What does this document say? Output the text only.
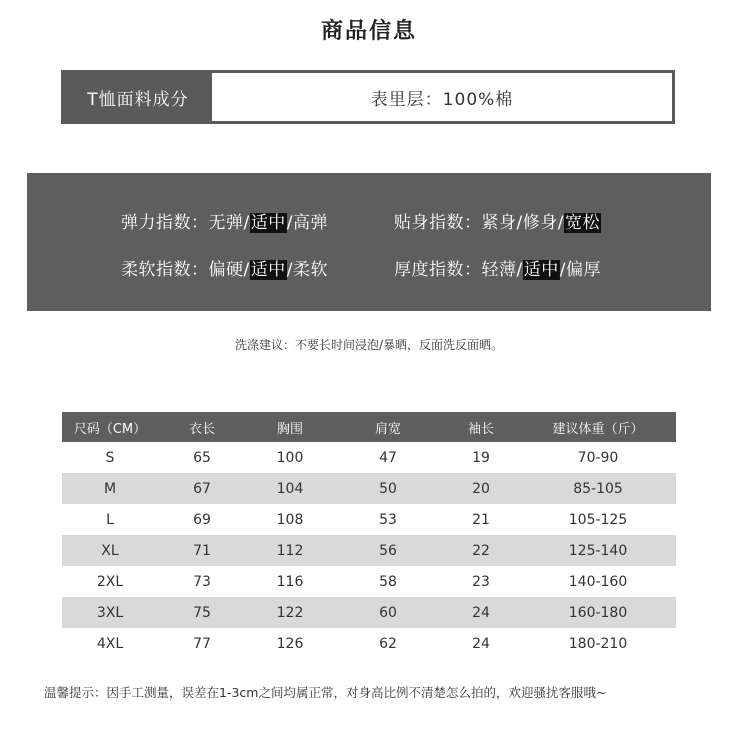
商品信息
T恤面料成分	表里层：100%棉
弹力指数：无弹/适中/高弹	贴身指数：紧身/修身/宽松
柔软指数：偏硬/适中/柔软	厚度指数：轻薄/适中/偏厚
洗涤建议：不要长时间浸泡/暴晒，反面洗反面晒。
尺码（CM）	衣长	胸围	肩宽	袖长	建议体重（斤）
S	65	100	47	19	70-90
M	67	104	50	20	85-105
L	69	108	53	21	105-125
XL	71	112	56	22	125-140
2XL	73	116	58	23	140-160
3XL	75	122	60	24	160-180
4XL	77	126	62	24	180-210
温馨提示：因手工测量，误差在1-3cm之间均属正常，对身高比例不清楚怎么拍的，欢迎骚扰客服哦~
